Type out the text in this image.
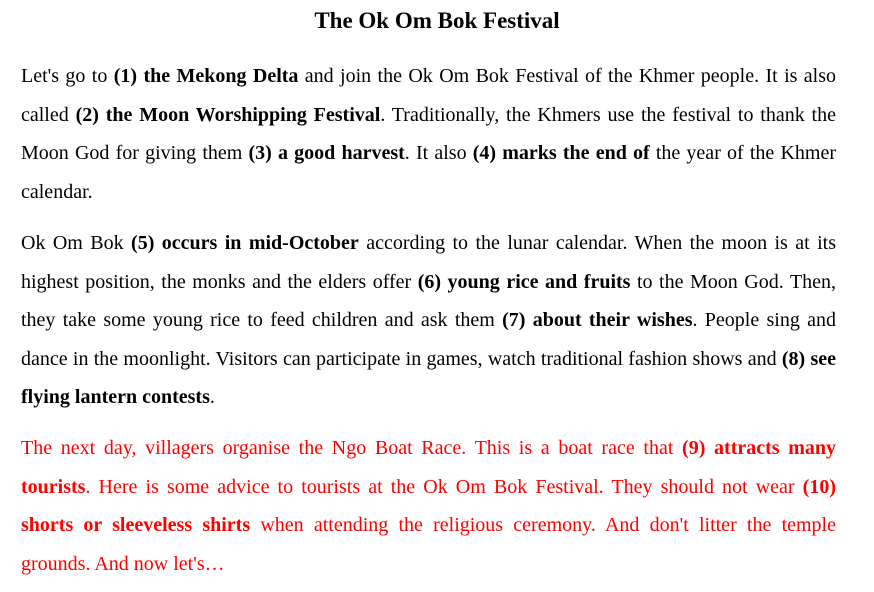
The Ok Om Bok Festival

Let's go to (1) the Mekong Delta and join the Ok Om Bok Festival of the Khmer people. It is also called (2) the Moon Worshipping Festival. Traditionally, the Khmers use the festival to thank the Moon God for giving them (3) a good harvest. It also (4) marks the end of the year of the Khmer calendar.

Ok Om Bok (5) occurs in mid-October according to the lunar calendar. When the moon is at its highest position, the monks and the elders offer (6) young rice and fruits to the Moon God. Then, they take some young rice to feed children and ask them (7) about their wishes. People sing and dance in the moonlight. Visitors can participate in games, watch traditional fashion shows and (8) see flying lantern contests.

The next day, villagers organise the Ngo Boat Race. This is a boat race that (9) attracts many tourists. Here is some advice to tourists at the Ok Om Bok Festival. They should not wear (10) shorts or sleeveless shirts when attending the religious ceremony. And don't litter the temple grounds. And now let's…
